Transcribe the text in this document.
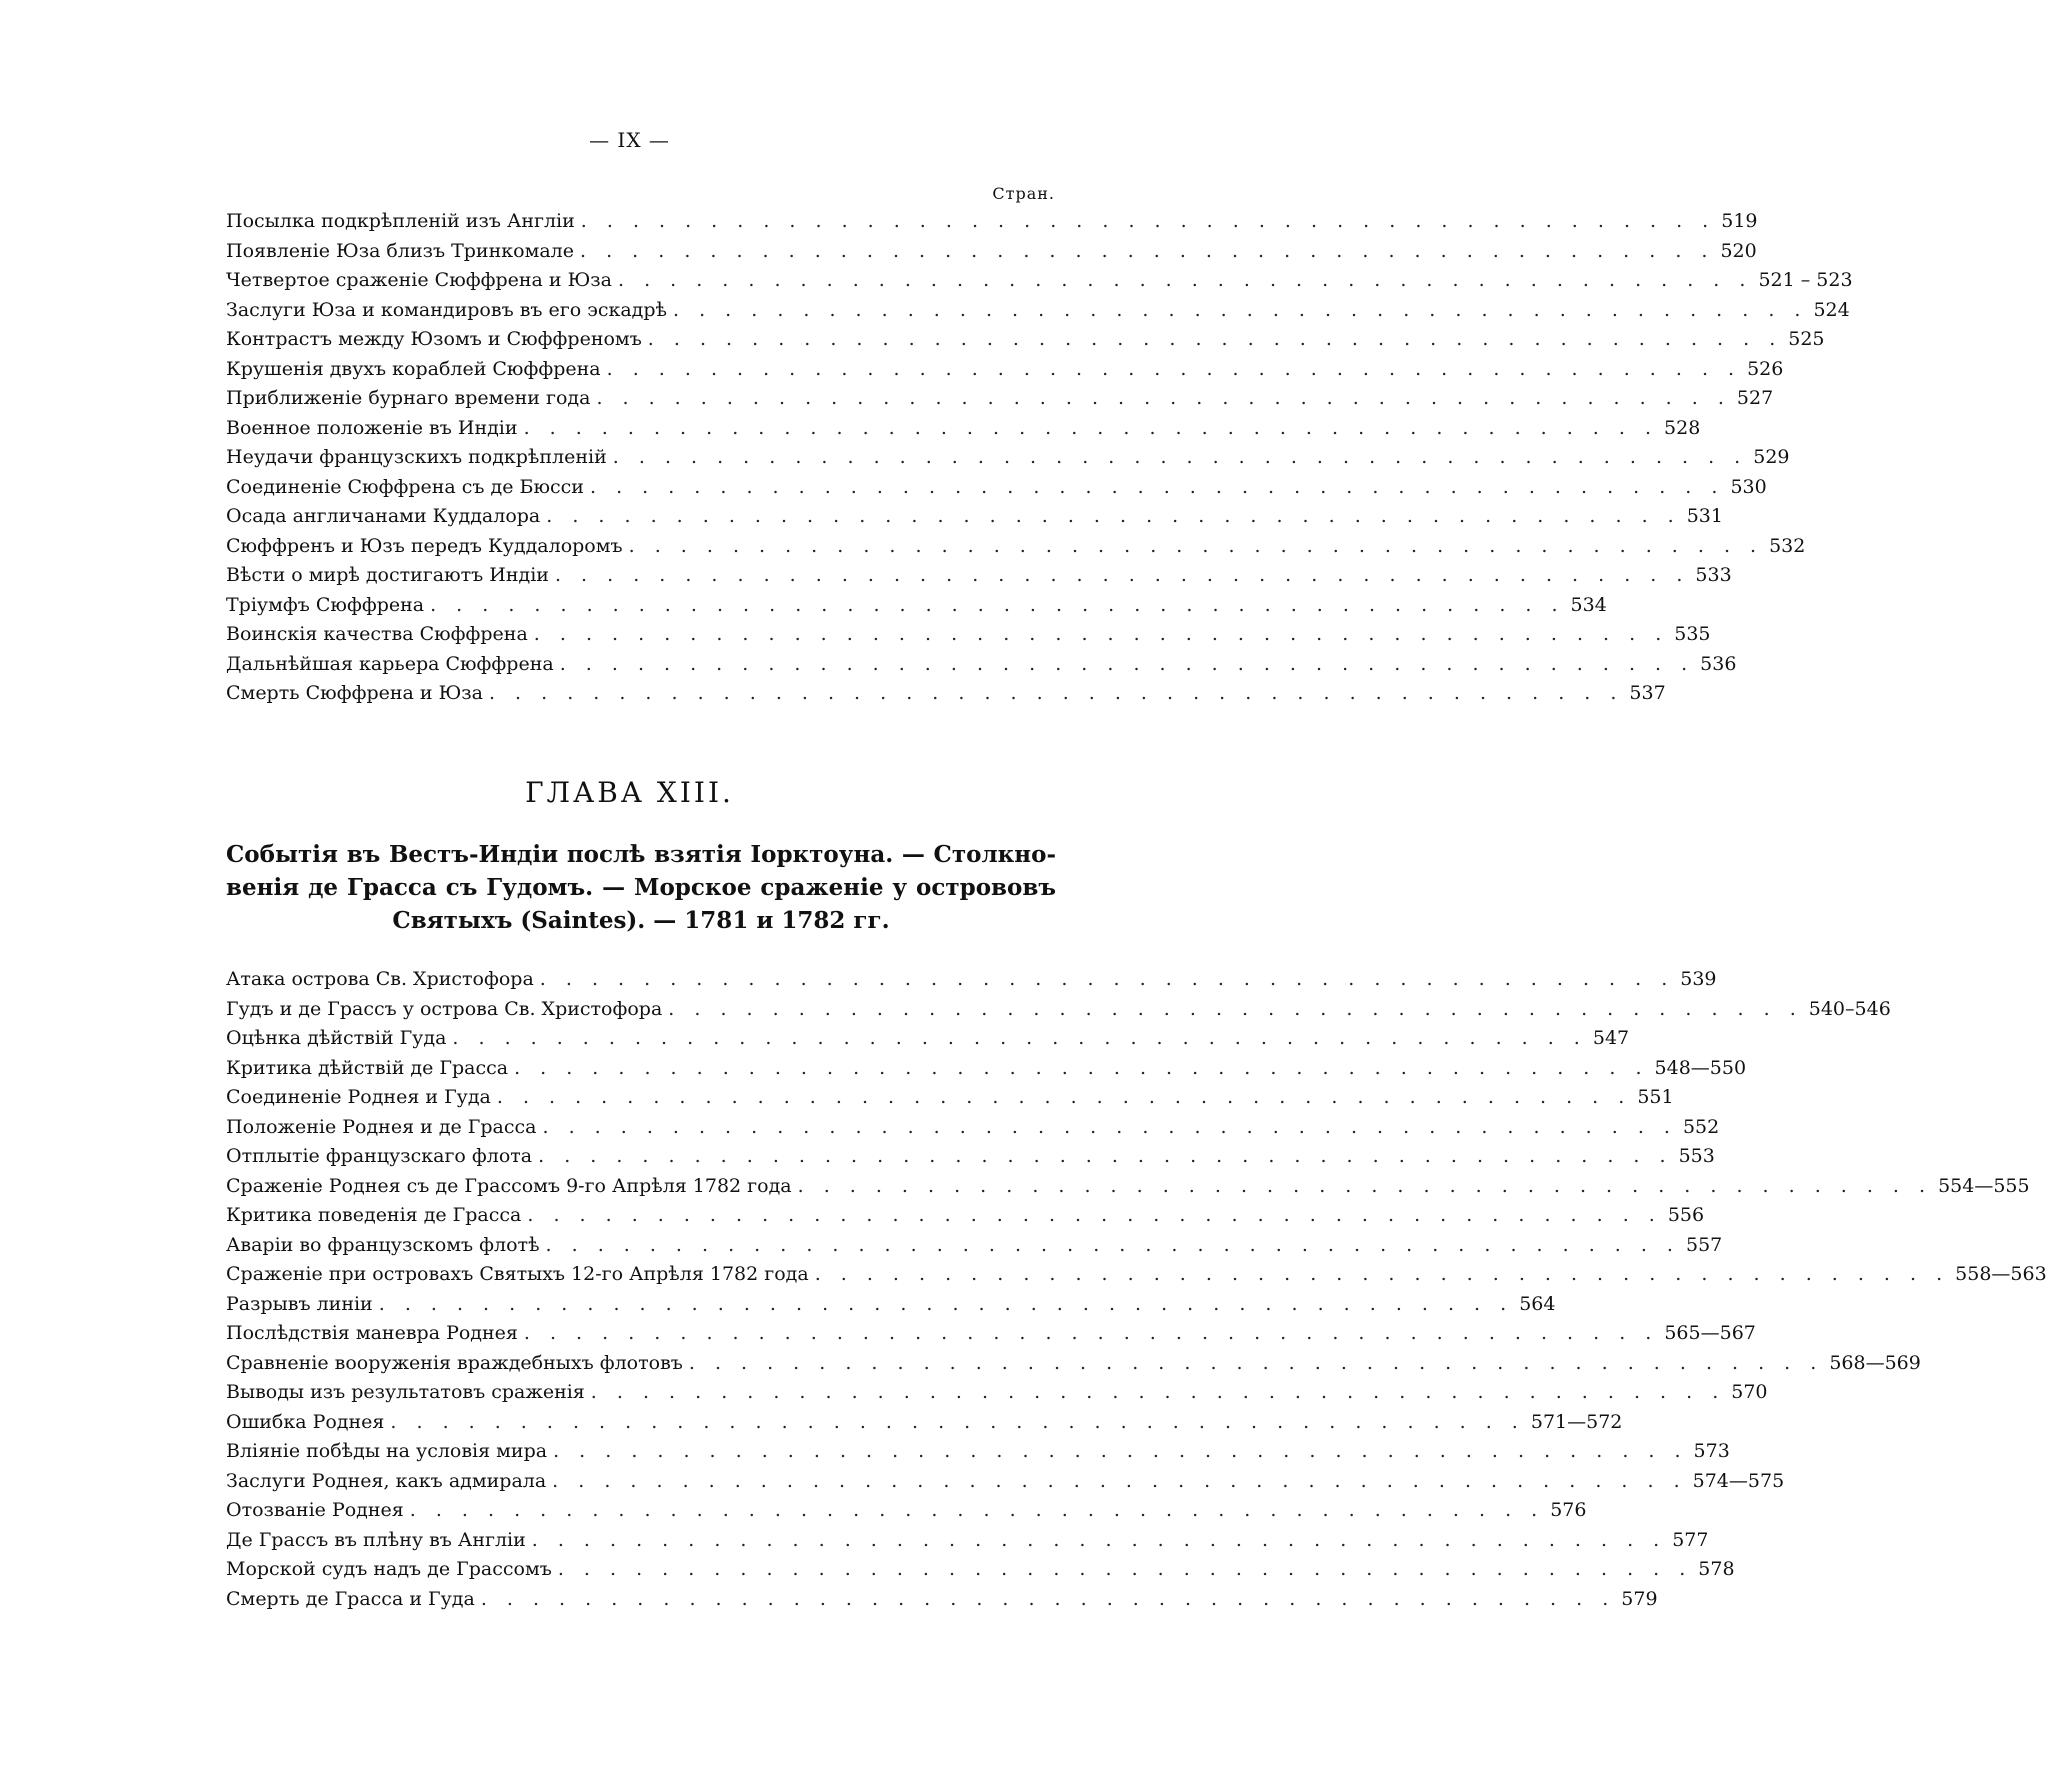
— IX —
Стран.
Посылка подкрѣпленій изъ Англіи . . . . . . . . . . . . . . . . . . . . . . . . . . . . . . . . . . . . . . . . . . . . 519
Появленіе Юза близъ Тринкомале . . . . . . . . . . . . . . . . . . . . . . . . . . . . . . . . . . . . . . . . . . . . 520
Четвертое сраженіе Сюффрена и Юза . . . . . . . . . . . . . . . . . . . . . . . . . . . . . . . . . . . . . . . . . . . . 521 – 523
Заслуги Юза и командировъ въ его эскадрѣ . . . . . . . . . . . . . . . . . . . . . . . . . . . . . . . . . . . . . . . . . . . . 524
Контрастъ между Юзомъ и Сюффреномъ . . . . . . . . . . . . . . . . . . . . . . . . . . . . . . . . . . . . . . . . . . . . 525
Крушенія двухъ кораблей Сюффрена . . . . . . . . . . . . . . . . . . . . . . . . . . . . . . . . . . . . . . . . . . . . 526
Приближеніе бурнаго времени года . . . . . . . . . . . . . . . . . . . . . . . . . . . . . . . . . . . . . . . . . . . . 527
Военное положеніе въ Индіи . . . . . . . . . . . . . . . . . . . . . . . . . . . . . . . . . . . . . . . . . . . . 528
Неудачи французскихъ подкрѣпленій . . . . . . . . . . . . . . . . . . . . . . . . . . . . . . . . . . . . . . . . . . . . 529
Соединеніе Сюффрена съ де Бюсси . . . . . . . . . . . . . . . . . . . . . . . . . . . . . . . . . . . . . . . . . . . . 530
Осада англичанами Куддалора . . . . . . . . . . . . . . . . . . . . . . . . . . . . . . . . . . . . . . . . . . . . 531
Сюффренъ и Юзъ передъ Куддалоромъ . . . . . . . . . . . . . . . . . . . . . . . . . . . . . . . . . . . . . . . . . . . . 532
Вѣсти о мирѣ достигаютъ Индіи . . . . . . . . . . . . . . . . . . . . . . . . . . . . . . . . . . . . . . . . . . . . 533
Тріумфъ Сюффрена . . . . . . . . . . . . . . . . . . . . . . . . . . . . . . . . . . . . . . . . . . . . 534
Воинскія качества Сюффрена . . . . . . . . . . . . . . . . . . . . . . . . . . . . . . . . . . . . . . . . . . . . 535
Дальнѣйшая карьера Сюффрена . . . . . . . . . . . . . . . . . . . . . . . . . . . . . . . . . . . . . . . . . . . . 536
Смерть Сюффрена и Юза . . . . . . . . . . . . . . . . . . . . . . . . . . . . . . . . . . . . . . . . . . . . 537
ГЛАВА XIII.
Событія въ Вестъ-Индіи послѣ взятія Іорктоуна. — Столкно-
венія де Грасса съ Гудомъ. — Морское сраженіе у острововъ
Святыхъ (Saintes). — 1781 и 1782 гг.
Атака острова Св. Христофора . . . . . . . . . . . . . . . . . . . . . . . . . . . . . . . . . . . . . . . . . . . . 539
Гудъ и де Грассъ у острова Св. Христофора . . . . . . . . . . . . . . . . . . . . . . . . . . . . . . . . . . . . . . . . . . . . 540–546
Оцѣнка дѣйствій Гуда . . . . . . . . . . . . . . . . . . . . . . . . . . . . . . . . . . . . . . . . . . . . 547
Критика дѣйствій де Грасса . . . . . . . . . . . . . . . . . . . . . . . . . . . . . . . . . . . . . . . . . . . . 548—550
Соединеніе Роднея и Гуда . . . . . . . . . . . . . . . . . . . . . . . . . . . . . . . . . . . . . . . . . . . . 551
Положеніе Роднея и де Грасса . . . . . . . . . . . . . . . . . . . . . . . . . . . . . . . . . . . . . . . . . . . . 552
Отплытіе французскаго флота . . . . . . . . . . . . . . . . . . . . . . . . . . . . . . . . . . . . . . . . . . . . 553
Сраженіе Роднея съ де Грассомъ 9-го Апрѣля 1782 года . . . . . . . . . . . . . . . . . . . . . . . . . . . . . . . . . . . . . . . . . . . . 554—555
Критика поведенія де Грасса . . . . . . . . . . . . . . . . . . . . . . . . . . . . . . . . . . . . . . . . . . . . 556
Аваріи во французскомъ флотѣ . . . . . . . . . . . . . . . . . . . . . . . . . . . . . . . . . . . . . . . . . . . . 557
Сраженіе при островахъ Святыхъ 12-го Апрѣля 1782 года . . . . . . . . . . . . . . . . . . . . . . . . . . . . . . . . . . . . . . . . . . . . 558—563
Разрывъ линіи . . . . . . . . . . . . . . . . . . . . . . . . . . . . . . . . . . . . . . . . . . . . 564
Послѣдствія маневра Роднея . . . . . . . . . . . . . . . . . . . . . . . . . . . . . . . . . . . . . . . . . . . . 565—567
Сравненіе вооруженія враждебныхъ флотовъ . . . . . . . . . . . . . . . . . . . . . . . . . . . . . . . . . . . . . . . . . . . . 568—569
Выводы изъ результатовъ сраженія . . . . . . . . . . . . . . . . . . . . . . . . . . . . . . . . . . . . . . . . . . . . 570
Ошибка Роднея . . . . . . . . . . . . . . . . . . . . . . . . . . . . . . . . . . . . . . . . . . . . 571—572
Вліяніе побѣды на условія мира . . . . . . . . . . . . . . . . . . . . . . . . . . . . . . . . . . . . . . . . . . . . 573
Заслуги Роднея, какъ адмирала . . . . . . . . . . . . . . . . . . . . . . . . . . . . . . . . . . . . . . . . . . . . 574—575
Отозваніе Роднея . . . . . . . . . . . . . . . . . . . . . . . . . . . . . . . . . . . . . . . . . . . . 576
Де Грассъ въ плѣну въ Англіи . . . . . . . . . . . . . . . . . . . . . . . . . . . . . . . . . . . . . . . . . . . . 577
Морской судъ надъ де Грассомъ . . . . . . . . . . . . . . . . . . . . . . . . . . . . . . . . . . . . . . . . . . . . 578
Смерть де Грасса и Гуда . . . . . . . . . . . . . . . . . . . . . . . . . . . . . . . . . . . . . . . . . . . . 579
